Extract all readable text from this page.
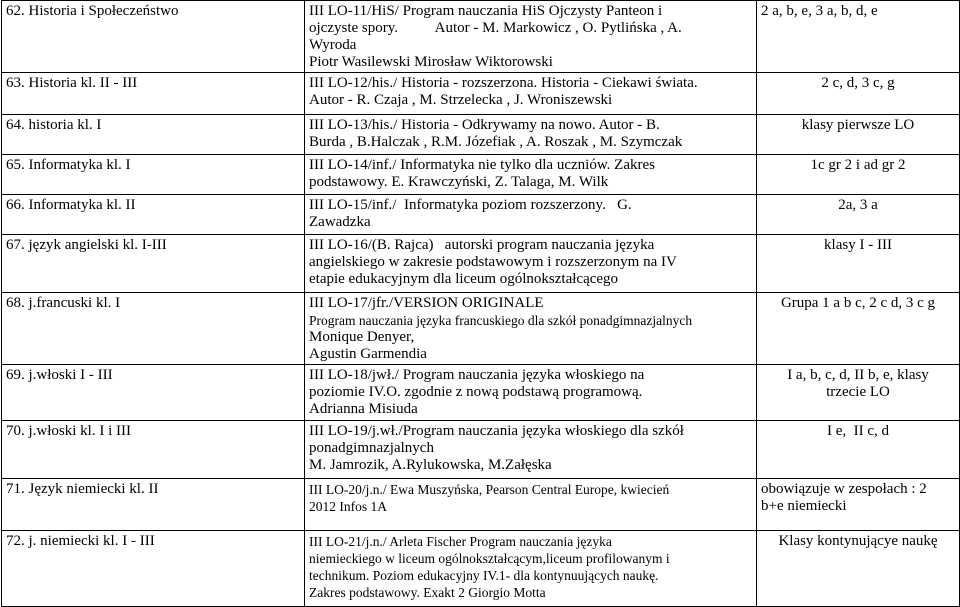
62. Historia i Społeczeństwo	III LO-11/HiS/ Program nauczania HiS Ojczysty Panteon i
ojczyste spory.          Autor - M. Markowicz , O. Pytlińska , A.
Wyroda
Piotr Wasilewski Mirosław Wiktorowski	2 a, b, e, 3 a, b, d, e
63. Historia kl. II - III	III LO-12/his./ Historia - rozszerzona. Historia - Ciekawi świata.
Autor - R. Czaja , M. Strzelecka , J. Wroniszewski	2 c, d, 3 c, g
64. historia kl. I	III LO-13/his./ Historia - Odkrywamy na nowo. Autor - B.
Burda , B.Halczak , R.M. Józefiak , A. Roszak , M. Szymczak	klasy pierwsze LO
65. Informatyka kl. I	III LO-14/inf./ Informatyka nie tylko dla uczniów. Zakres
podstawowy. E. Krawczyński, Z. Talaga, M. Wilk	1c gr 2 i ad gr 2
66. Informatyka kl. II	III LO-15/inf./  Informatyka poziom rozszerzony.   G.
Zawadzka	2a, 3 a
67. język angielski kl. I-III	III LO-16/(B. Rajca)   autorski program nauczania języka
angielskiego w zakresie podstawowym i rozszerzonym na IV
etapie edukacyjnym dla liceum ogólnokształcącego	klasy I - III
68. j.francuski kl. I	III LO-17/jfr./VERSION ORIGINALE
Program nauczania języka francuskiego dla szkół ponadgimnazjalnych
Monique Denyer,
Agustin Garmendia	Grupa 1 a b c, 2 c d, 3 c g
69. j.włoski I - III	III LO-18/jwł./ Program nauczania języka włoskiego na
poziomie IV.O. zgodnie z nową podstawą programową.
Adrianna Misiuda	I a, b, c, d, II b, e, klasy
trzecie LO

70. j.włoski kl. I i III	III LO-19/j.wł./Program nauczania języka włoskiego dla szkół
ponadgimnazjalnych
M. Jamrozik, A.Rylukowska, M.Załęska	I e,  II c, d
71. Język niemiecki kl. II	III LO-20/j.n./ Ewa Muszyńska, Pearson Central Europe, kwiecień
2012 Infos 1A	obowiązuje w zespołach : 2
b+e niemiecki

72. j. niemiecki kl. I - III	III LO-21/j.n./ Arleta Fischer Program nauczania języka
niemieckiego w liceum ogólnokształcącym,liceum profilowanym i
technikum. Poziom edukacyjny IV.1- dla kontynuujących naukę.
Zakres podstawowy. Exakt 2 Giorgio Motta	Klasy kontynującye naukę
